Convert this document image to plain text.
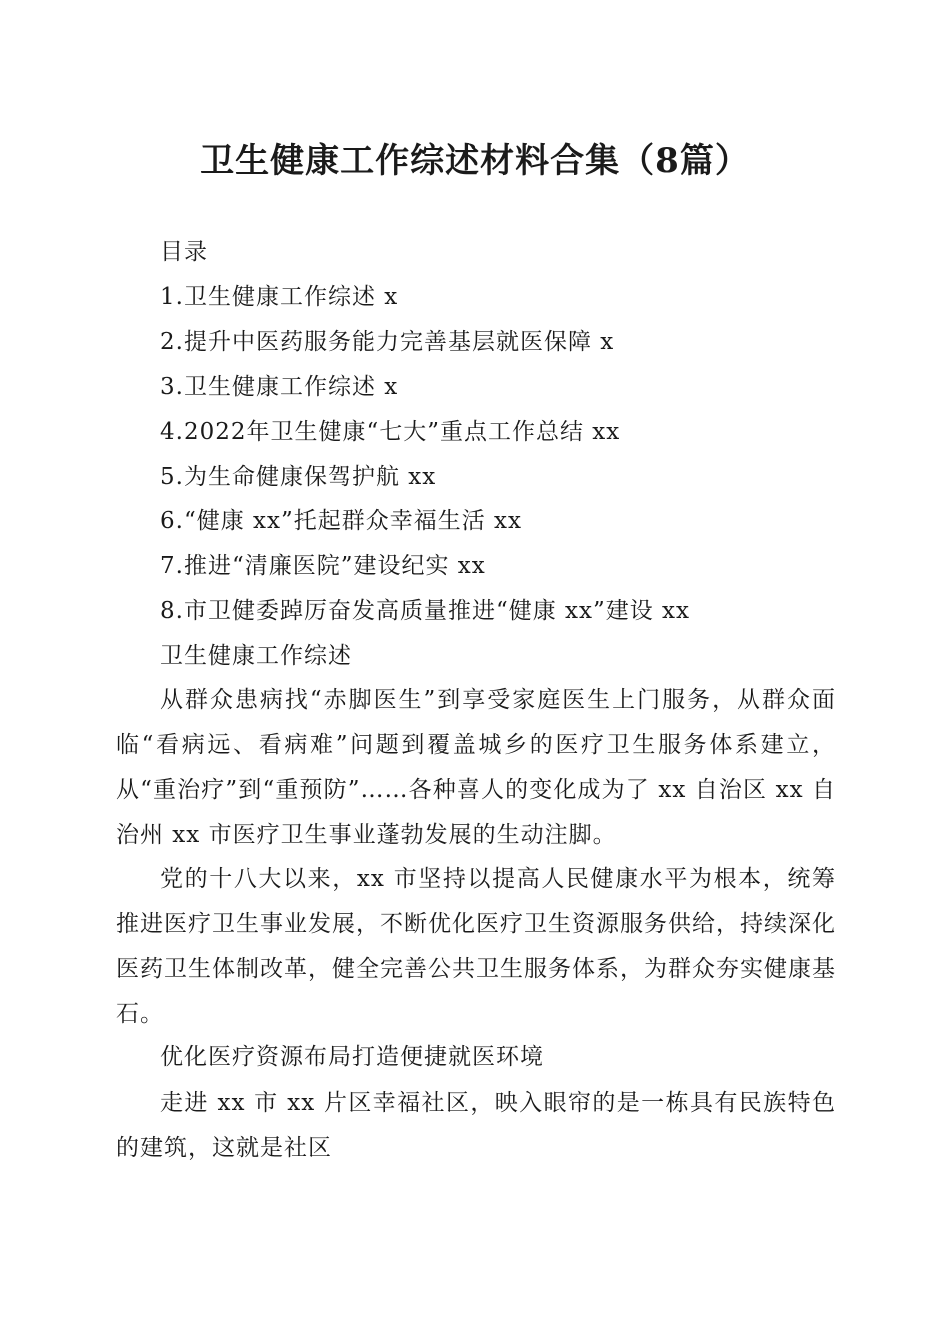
卫生健康工作综述材料合集（8篇）
目录
1.卫生健康工作综述 x
2.提升中医药服务能力完善基层就医保障 x
3.卫生健康工作综述 x
4.2022年卫生健康“七大”重点工作总结 xx
5.为生命健康保驾护航 xx
6.“健康 xx”托起群众幸福生活 xx
7.推进“清廉医院”建设纪实 xx
8.市卫健委踔厉奋发高质量推进“健康 xx”建设 xx
卫生健康工作综述

从群众患病找“赤脚医生”到享受家庭医生上门服务，从群众面临“看病远、看病难”问题到覆盖城乡的医疗卫生服务体系建立，从“重治疗”到“重预防”……各种喜人的变化成为了 xx 自治区 xx 自治州 xx 市医疗卫生事业蓬勃发展的生动注脚。

党的十八大以来，xx 市坚持以提高人民健康水平为根本，统筹推进医疗卫生事业发展，不断优化医疗卫生资源服务供给，持续深化医药卫生体制改革，健全完善公共卫生服务体系，为群众夯实健康基石。

优化医疗资源布局打造便捷就医环境

走进 xx 市 xx 片区幸福社区，映入眼帘的是一栋具有民族特色的建筑，这就是社区
